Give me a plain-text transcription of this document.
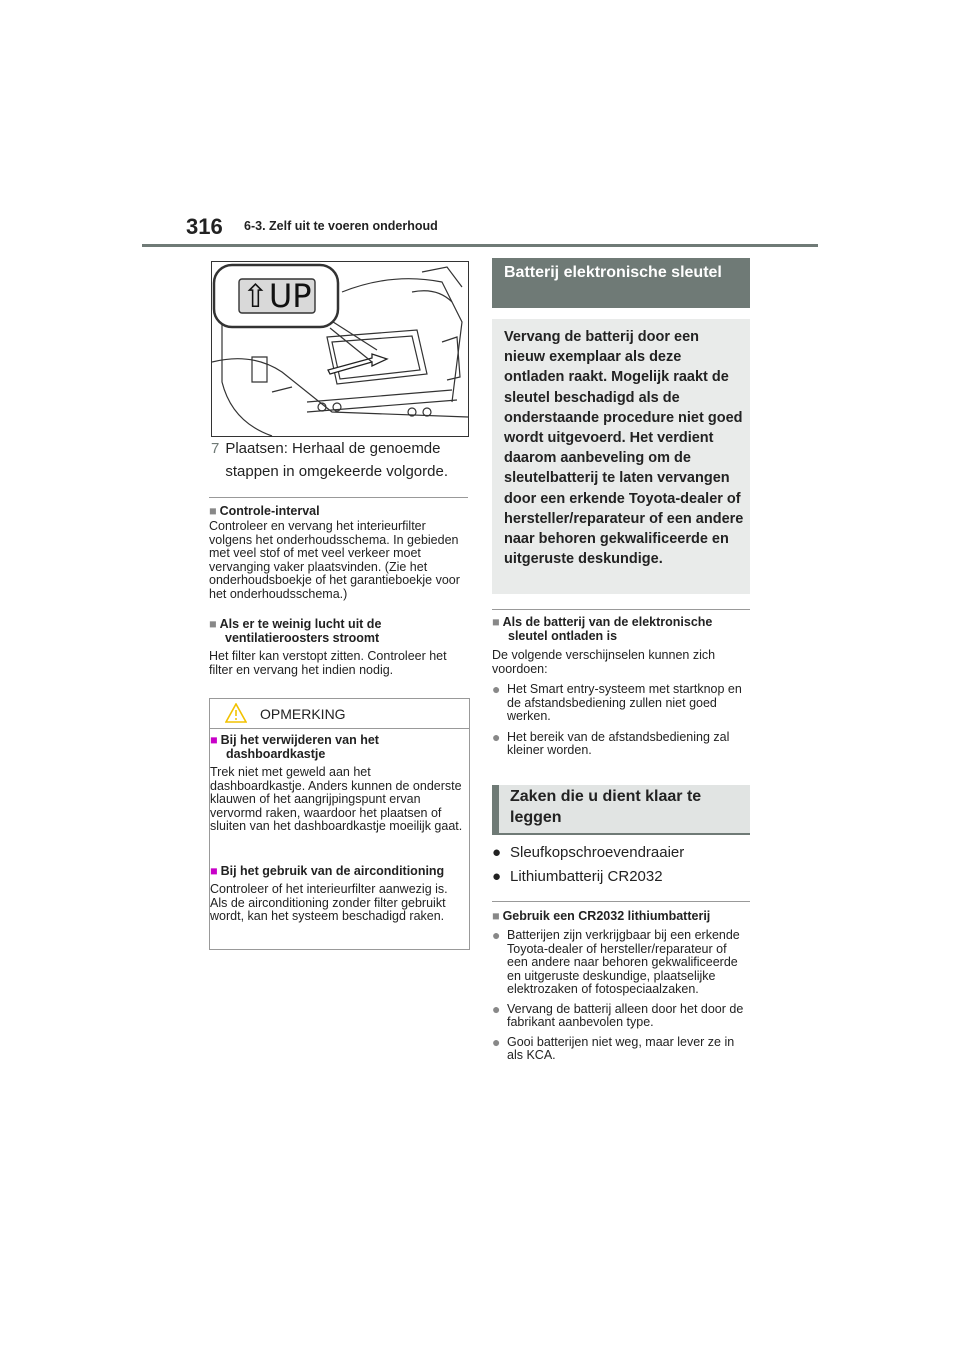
316 6-3. Zelf uit te voeren onderhoud
⇧UP
7 Plaatsen: Herhaal de genoemde stappen in omgekeerde volgorde.
■ Controle-interval
Controleer en vervang het interieurfilter volgens het onderhoudsschema. In gebieden met veel stof of met veel verkeer moet vervanging vaker plaatsvinden. (Zie het onderhoudsboekje of het garantieboekje voor het onderhoudsschema.)
■ Als er te weinig lucht uit de ventilatieroosters stroomt
Het filter kan verstopt zitten. Controleer het filter en vervang het indien nodig.
OPMERKING
■ Bij het verwijderen van het dashboardkastje
Trek niet met geweld aan het dashboardkastje. Anders kunnen de onderste klauwen of het aangrijpingspunt ervan vervormd raken, waardoor het plaatsen of sluiten van het dashboardkastje moeilijk gaat.
■ Bij het gebruik van de airconditioning
Controleer of het interieurfilter aanwezig is.
Als de airconditioning zonder filter gebruikt wordt, kan het systeem beschadigd raken.
Batterij elektronische sleutel
Vervang de batterij door een nieuw exemplaar als deze ontladen raakt. Mogelijk raakt de sleutel beschadigd als de onderstaande procedure niet goed wordt uitgevoerd. Het verdient daarom aanbeveling om de sleutelbatterij te laten vervangen door een erkende Toyota-dealer of hersteller/reparateur of een andere naar behoren gekwalificeerde en uitgeruste deskundige.
■ Als de batterij van de elektronische sleutel ontladen is
De volgende verschijnselen kunnen zich voordoen:
● Het Smart entry-systeem met startknop en de afstandsbediening zullen niet goed werken.
● Het bereik van de afstandsbediening zal kleiner worden.
Zaken die u dient klaar te leggen
● Sleufkopschroevendraaier
● Lithiumbatterij CR2032
■ Gebruik een CR2032 lithiumbatterij
● Batterijen zijn verkrijgbaar bij een erkende Toyota-dealer of hersteller/reparateur of een andere naar behoren gekwalificeerde en uitgeruste deskundige, plaatselijke elektrozaken of fotospeciaalzaken.
● Vervang de batterij alleen door het door de fabrikant aanbevolen type.
● Gooi batterijen niet weg, maar lever ze in als KCA.
